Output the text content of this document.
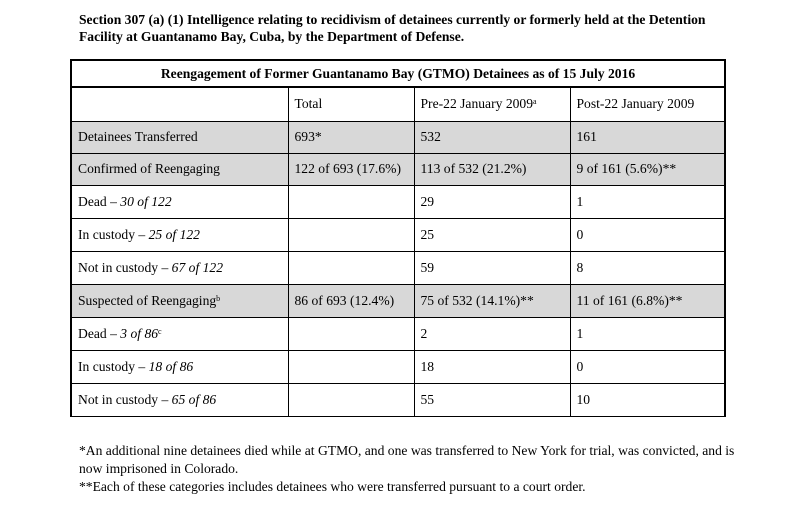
Section 307 (a) (1) Intelligence relating to recidivism of detainees currently or formerly held at the Detention
Facility at Guantanamo Bay, Cuba, by the Department of Defense.
Reengagement of Former Guantanamo Bay (GTMO) Detainees as of 15 July 2016			
	Total	Pre-22 January 2009$^a$	Post-22 January 2009
Detainees Transferred	693*	532	161
Confirmed of Reengaging	122 of 693 (17.6%)	113 of 532 (21.2%)	9 of 161 (5.6%)**
Dead – 30 of 122		29	1
In custody – 25 of 122		25	0
Not in custody – 67 of 122		59	8
Suspected of Reengaging$^b$	86 of 693 (12.4%)	75 of 532 (14.1%)**	11 of 161 (6.8%)**
Dead – 3 of 86$^c$		2	1
In custody – 18 of 86		18	0
Not in custody – 65 of 86		55	10

*An additional nine detainees died while at GTMO, and one was transferred to New York for trial, was convicted, and is now imprisoned in Colorado.

**Each of these categories includes detainees who were transferred pursuant to a court order.
